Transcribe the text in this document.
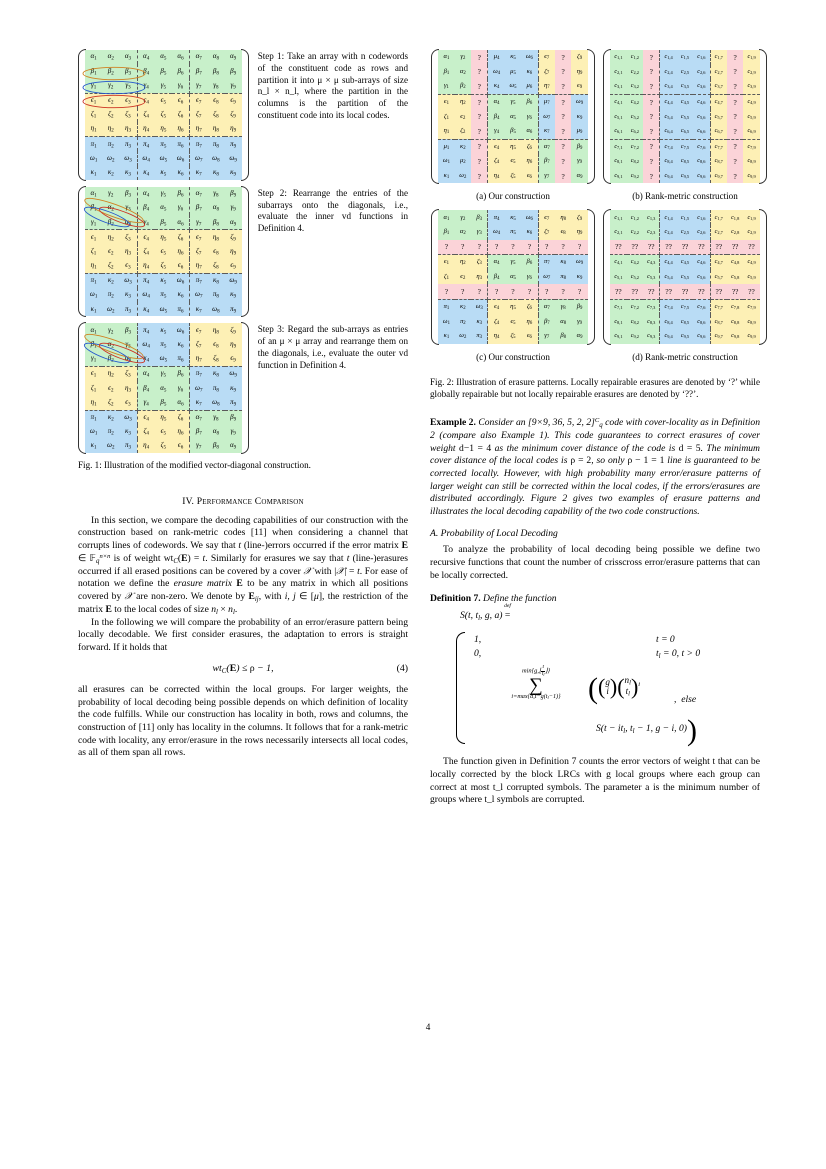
$\alpha_1$	$\alpha_2$	$\alpha_3$	$\alpha_4$	$\alpha_5$	$\alpha_6$	$\alpha_7$	$\alpha_8$	$\alpha_9$
$\beta_1$	$\beta_2$	$\beta_3$	$\beta_4$	$\beta_5$	$\beta_6$	$\beta_7$	$\beta_8$	$\beta_9$
$\gamma_1$	$\gamma_2$	$\gamma_3$	$\gamma_4$	$\gamma_5$	$\gamma_6$	$\gamma_7$	$\gamma_8$	$\gamma_9$
$\epsilon_1$	$\epsilon_2$	$\epsilon_3$	$\epsilon_4$	$\epsilon_5$	$\epsilon_6$	$\epsilon_7$	$\epsilon_8$	$\epsilon_9$
$\zeta_1$	$\zeta_2$	$\zeta_3$	$\zeta_4$	$\zeta_5$	$\zeta_6$	$\zeta_7$	$\zeta_8$	$\zeta_9$
$\eta_1$	$\eta_2$	$\eta_3$	$\eta_4$	$\eta_5$	$\eta_6$	$\eta_7$	$\eta_8$	$\eta_9$
$\pi_1$	$\pi_2$	$\pi_3$	$\pi_4$	$\pi_5$	$\pi_6$	$\pi_7$	$\pi_8$	$\pi_9$
$\omega_1$	$\omega_2$	$\omega_3$	$\omega_4$	$\omega_5$	$\omega_6$	$\omega_7$	$\omega_8$	$\omega_9$
$\kappa_1$	$\kappa_2$	$\kappa_3$	$\kappa_4$	$\kappa_5$	$\kappa_6$	$\kappa_7$	$\kappa_8$	$\kappa_9$
Step 1: Take an array with n codewords of the constituent code as rows and partition it into μ × μ sub-arrays of size n_l × n_l, where the partition in the columns is the partition of the constituent code into its local codes.
$\alpha_1$	$\gamma_2$	$\beta_3$	$\alpha_4$	$\gamma_5$	$\beta_6$	$\alpha_7$	$\gamma_8$	$\beta_9$
$\beta_1$	$\alpha_2$	$\gamma_3$	$\beta_4$	$\alpha_5$	$\gamma_6$	$\beta_7$	$\alpha_8$	$\gamma_9$
$\gamma_1$	$\beta_2$	$\alpha_3$	$\gamma_4$	$\beta_5$	$\alpha_6$	$\gamma_7$	$\beta_8$	$\alpha_9$
$\epsilon_1$	$\eta_2$	$\zeta_3$	$\epsilon_4$	$\eta_5$	$\zeta_6$	$\epsilon_7$	$\eta_8$	$\zeta_9$
$\zeta_1$	$\epsilon_2$	$\eta_3$	$\zeta_4$	$\epsilon_5$	$\eta_6$	$\zeta_7$	$\epsilon_8$	$\eta_9$
$\eta_1$	$\zeta_2$	$\epsilon_3$	$\eta_4$	$\zeta_5$	$\epsilon_6$	$\eta_7$	$\zeta_8$	$\epsilon_9$
$\pi_1$	$\kappa_2$	$\omega_3$	$\pi_4$	$\kappa_5$	$\omega_6$	$\pi_7$	$\kappa_8$	$\omega_9$
$\omega_1$	$\pi_2$	$\kappa_3$	$\omega_4$	$\pi_5$	$\kappa_6$	$\omega_7$	$\pi_8$	$\kappa_9$
$\kappa_1$	$\omega_2$	$\pi_3$	$\kappa_4$	$\omega_5$	$\pi_6$	$\kappa_7$	$\omega_8$	$\pi_9$
Step 2: Rearrange the entries of the subarrays onto the diagonals, i.e., evaluate the inner vd functions in Definition 4.
$\alpha_1$	$\gamma_2$	$\beta_3$	$\pi_4$	$\kappa_5$	$\omega_6$	$\epsilon_7$	$\eta_8$	$\zeta_9$
$\beta_1$	$\alpha_2$	$\gamma_3$	$\omega_4$	$\pi_5$	$\kappa_6$	$\zeta_7$	$\epsilon_8$	$\eta_9$
$\gamma_1$	$\beta_2$	$\alpha_3$	$\kappa_4$	$\omega_5$	$\pi_6$	$\eta_7$	$\zeta_8$	$\epsilon_9$
$\epsilon_1$	$\eta_2$	$\zeta_3$	$\alpha_4$	$\gamma_5$	$\beta_6$	$\pi_7$	$\kappa_8$	$\omega_9$
$\zeta_1$	$\epsilon_2$	$\eta_3$	$\beta_4$	$\alpha_5$	$\gamma_6$	$\omega_7$	$\pi_8$	$\kappa_9$
$\eta_1$	$\zeta_2$	$\epsilon_3$	$\gamma_4$	$\beta_5$	$\alpha_6$	$\kappa_7$	$\omega_8$	$\pi_9$
$\pi_1$	$\kappa_2$	$\omega_3$	$\epsilon_4$	$\eta_5$	$\zeta_6$	$\alpha_7$	$\gamma_8$	$\beta_9$
$\omega_1$	$\pi_2$	$\kappa_3$	$\zeta_4$	$\epsilon_5$	$\eta_6$	$\beta_7$	$\alpha_8$	$\gamma_9$
$\kappa_1$	$\omega_2$	$\pi_3$	$\eta_4$	$\zeta_5$	$\epsilon_6$	$\gamma_7$	$\beta_8$	$\alpha_9$
Step 3: Regard the sub-arrays as entries of an μ × μ array and rearrange them on the diagonals, i.e., evaluate the outer vd function in Definition 4.
Fig. 1: Illustration of the modified vector-diagonal construction.
IV. Performance Comparison

In this section, we compare the decoding capabilities of our construction with the construction based on rank-metric codes [11] when considering a channel that corrupts lines of codewords. We say that t (line-)errors occurred if the error matrix E ∈ 𝔽q$^{n\times n}$ is of weight wtC(E) = t. Similarly for erasures we say that t (line-)erasures occurred if all erased positions can be covered by a cover 𝒳 with |𝒳| = t. For ease of notation we define the erasure matrix E to be any matrix in which all positions covered by 𝒳 are non-zero. We denote by Eij, with i, j ∈ [μ], the restriction of the matrix E to the local codes of size nl × nl.

In the following we will compare the probability of an error/erasure pattern being locally decodable. We first consider erasures, the adaptation to errors is straight forward. If it holds that

wtC(E) ≤ ρ − 1,	(4)

all erasures can be corrected within the local groups. For larger weights, the probability of local decoding being possible depends on which definition of locality the code fulfills. While our construction has locality in both, rows and columns, the construction of [11] only has locality in the columns. It follows that for a rank-metric code with locality, any error/erasure in the rows necessarily intersects all local codes, as all of them span all rows.

$\alpha_1$	$\gamma_2$	?	$\mu_4$	$\kappa_5$	$\omega_6$	$\epsilon_7$	?	$\zeta_9$
$\beta_1$	$\alpha_2$	?	$\omega_4$	$\mu_5$	$\kappa_6$	$\zeta_7$	?	$\eta_9$
$\gamma_1$	$\beta_2$	?	$\kappa_4$	$\omega_5$	$\mu_6$	$\eta_7$	?	$\epsilon_9$
$\epsilon_1$	$\eta_2$	?	$\alpha_4$	$\gamma_5$	$\beta_6$	$\mu_7$	?	$\omega_9$
$\zeta_1$	$\epsilon_2$	?	$\beta_4$	$\alpha_5$	$\gamma_6$	$\omega_7$	?	$\kappa_9$
$\eta_1$	$\zeta_2$	?	$\gamma_4$	$\beta_5$	$\alpha_6$	$\kappa_7$	?	$\mu_9$
$\mu_1$	$\kappa_2$	?	$\epsilon_4$	$\eta_5$	$\zeta_6$	$\alpha_7$	?	$\beta_9$
$\omega_1$	$\mu_2$	?	$\zeta_4$	$\epsilon_5$	$\eta_6$	$\beta_7$	?	$\gamma_9$
$\kappa_1$	$\omega_2$	?	$\eta_4$	$\zeta_5$	$\epsilon_6$	$\gamma_7$	?	$\alpha_9$
(a) Our construction
$c_{1,1}$	$c_{1,2}$	?	$c_{1,4}$	$c_{1,5}$	$c_{1,6}$	$c_{1,7}$	?	$c_{1,9}$
$c_{2,1}$	$c_{2,2}$	?	$c_{2,4}$	$c_{2,5}$	$c_{2,6}$	$c_{2,7}$	?	$c_{2,9}$
$c_{3,1}$	$c_{3,2}$	?	$c_{3,4}$	$c_{3,5}$	$c_{3,6}$	$c_{3,7}$	?	$c_{3,9}$
$c_{4,1}$	$c_{4,2}$	?	$c_{4,4}$	$c_{4,5}$	$c_{4,6}$	$c_{4,7}$	?	$c_{4,9}$
$c_{5,1}$	$c_{5,2}$	?	$c_{5,4}$	$c_{5,5}$	$c_{5,6}$	$c_{5,7}$	?	$c_{5,9}$
$c_{6,1}$	$c_{6,2}$	?	$c_{6,4}$	$c_{6,5}$	$c_{6,6}$	$c_{6,7}$	?	$c_{6,9}$
$c_{7,1}$	$c_{7,2}$	?	$c_{7,4}$	$c_{7,5}$	$c_{7,6}$	$c_{7,7}$	?	$c_{7,9}$
$c_{8,1}$	$c_{8,2}$	?	$c_{8,4}$	$c_{8,5}$	$c_{8,6}$	$c_{8,7}$	?	$c_{8,9}$
$c_{9,1}$	$c_{9,2}$	?	$c_{9,4}$	$c_{9,5}$	$c_{9,6}$	$c_{9,7}$	?	$c_{9,9}$
(b) Rank-metric construction
$\alpha_1$	$\gamma_2$	$\beta_3$	$\pi_4$	$\kappa_5$	$\omega_6$	$\epsilon_7$	$\eta_8$	$\zeta_9$
$\beta_1$	$\alpha_2$	$\gamma_3$	$\omega_4$	$\pi_5$	$\kappa_6$	$\zeta_7$	$\epsilon_8$	$\eta_9$
?	?	?	?	?	?	?	?	?
$\epsilon_1$	$\eta_2$	$\zeta_3$	$\alpha_4$	$\gamma_5$	$\beta_6$	$\pi_7$	$\kappa_8$	$\omega_9$
$\zeta_1$	$\epsilon_2$	$\eta_3$	$\beta_4$	$\alpha_5$	$\gamma_6$	$\omega_7$	$\pi_8$	$\kappa_9$
?	?	?	?	?	?	?	?	?
$\pi_1$	$\kappa_2$	$\omega_3$	$\epsilon_4$	$\eta_5$	$\zeta_6$	$\alpha_7$	$\gamma_8$	$\beta_9$
$\omega_1$	$\pi_2$	$\kappa_3$	$\zeta_4$	$\epsilon_5$	$\eta_6$	$\beta_7$	$\alpha_8$	$\gamma_9$
$\kappa_1$	$\omega_2$	$\pi_3$	$\eta_4$	$\zeta_5$	$\epsilon_6$	$\gamma_7$	$\beta_8$	$\alpha_9$
(c) Our construction
$c_{1,1}$	$c_{1,2}$	$c_{1,3}$	$c_{1,4}$	$c_{1,5}$	$c_{1,6}$	$c_{1,7}$	$c_{1,8}$	$c_{1,9}$
$c_{2,1}$	$c_{2,2}$	$c_{2,3}$	$c_{2,4}$	$c_{2,5}$	$c_{2,6}$	$c_{2,7}$	$c_{2,8}$	$c_{2,9}$
??	??	??	??	??	??	??	??	??
$c_{4,1}$	$c_{4,2}$	$c_{4,3}$	$c_{4,4}$	$c_{4,5}$	$c_{4,6}$	$c_{4,7}$	$c_{4,8}$	$c_{4,9}$
$c_{5,1}$	$c_{5,2}$	$c_{5,3}$	$c_{5,4}$	$c_{5,5}$	$c_{5,6}$	$c_{5,7}$	$c_{5,8}$	$c_{5,9}$
??	??	??	??	??	??	??	??	??
$c_{7,1}$	$c_{7,2}$	$c_{7,3}$	$c_{7,4}$	$c_{7,5}$	$c_{7,6}$	$c_{7,7}$	$c_{7,8}$	$c_{7,9}$
$c_{8,1}$	$c_{8,2}$	$c_{8,3}$	$c_{8,4}$	$c_{8,5}$	$c_{8,6}$	$c_{8,7}$	$c_{8,8}$	$c_{8,9}$
$c_{9,1}$	$c_{9,2}$	$c_{9,3}$	$c_{9,4}$	$c_{9,5}$	$c_{9,6}$	$c_{9,7}$	$c_{9,8}$	$c_{9,9}$
(d) Rank-metric construction
Fig. 2: Illustration of erasure patterns. Locally repairable erasures are denoted by ‘?’ while globally repairable but not locally repairable erasures are denoted by ‘??’.

Example 2. Consider an [9×9, 36, 5, 2, 2]$^C$q code with cover-locality as in Definition 2 (compare also Example 1). This code guarantees to correct erasures of cover weight d−1 = 4 as the minimum cover distance of the code is d = 5. The minimum cover distance of the local codes is ρ = 2, so only ρ − 1 = 1 line is guaranteed to be corrected locally. However, with high probability many error/erasure patterns of larger weight can still be corrected within the local codes, if the errors/erasures are distributed accordingly. Figure 2 gives two examples of erasure patterns and illustrates the local decoding capability of the two code constructions.

A. Probability of Local Decoding

To analyze the probability of local decoding being possible we define two recursive functions that count the number of crisscross error/erasure patterns that can be locally corrected.

Definition 7. Define the function
S(t, tl, g, a)
def
=
1,	t = 0
0,	tl = 0, t > 0
min{g,⌊ $\frac{t}{tl}⌋$}
∑
i=max{a,t−g(tl−1)} (( g
i )( nl
tl )$^i$
,  else
S(t − itl, tl − 1, g − i, 0))

The function given in Definition 7 counts the error vectors of weight t that can be locally corrected by the block LRCs with g local groups where each group can correct at most t_l corrupted symbols. The parameter a is the minimum number of groups where t_l symbols are corrupted.

4
